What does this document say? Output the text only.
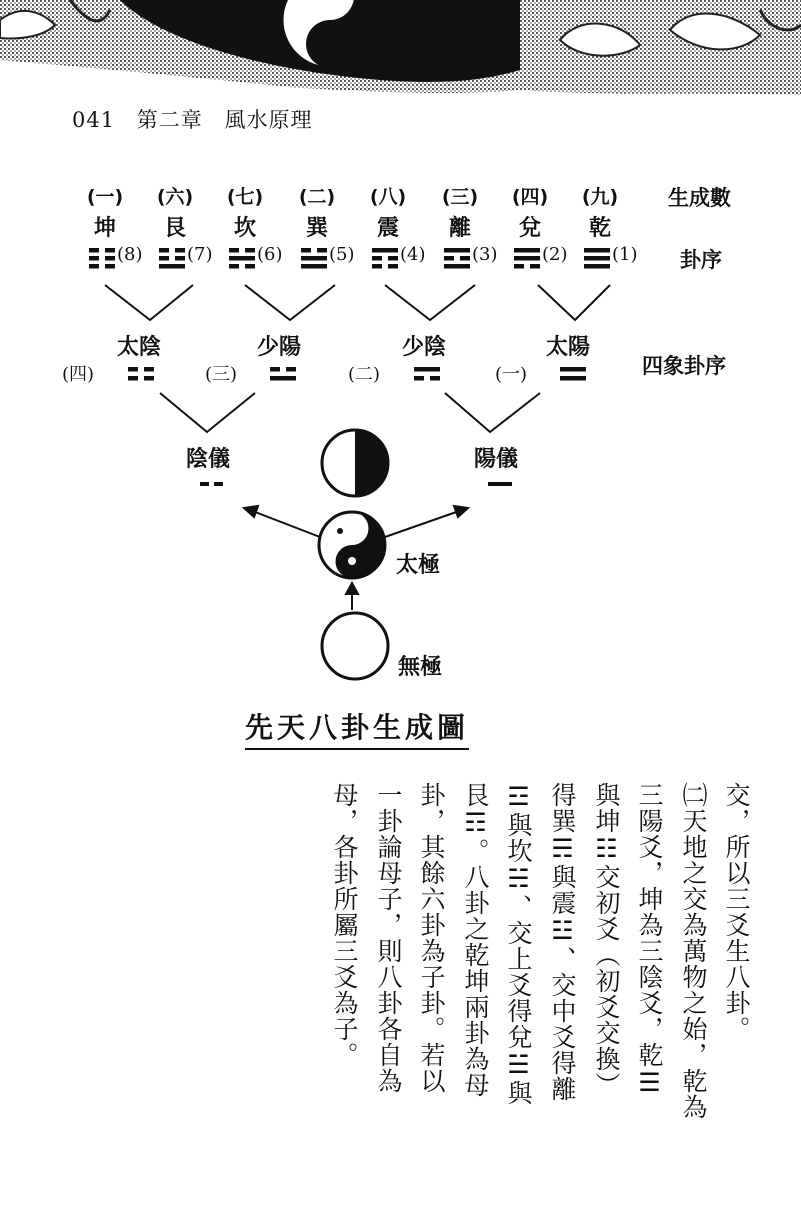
041 第二章 風水原理
(一)
坤
(8)
(六)
艮
(7)
(七)
坎
(6)
(二)
巽
(5)
(八)
震
(4)
(三)
離
(3)
(四)
兌
(2)
(九)
乾
(1)
生成數
卦序
四象卦序
太陰
(四)
少陽
(三)
少陰
(二)
太陽
(一)
陰儀	陽儀
太極
無極
先天八卦生成圖
交，所以三爻生八卦。
㈡天地之交為萬物之始，乾為
三陽爻，坤為三陰爻，乾☰
與坤☷交初爻（初爻交換）
得巽☴與震☳、交中爻得離
☲與坎☵、交上爻得兌☱與
艮☶。八卦之乾坤兩卦為母
卦，其餘六卦為子卦。若以
一卦論母子，則八卦各自為
母，各卦所屬三爻為子。
